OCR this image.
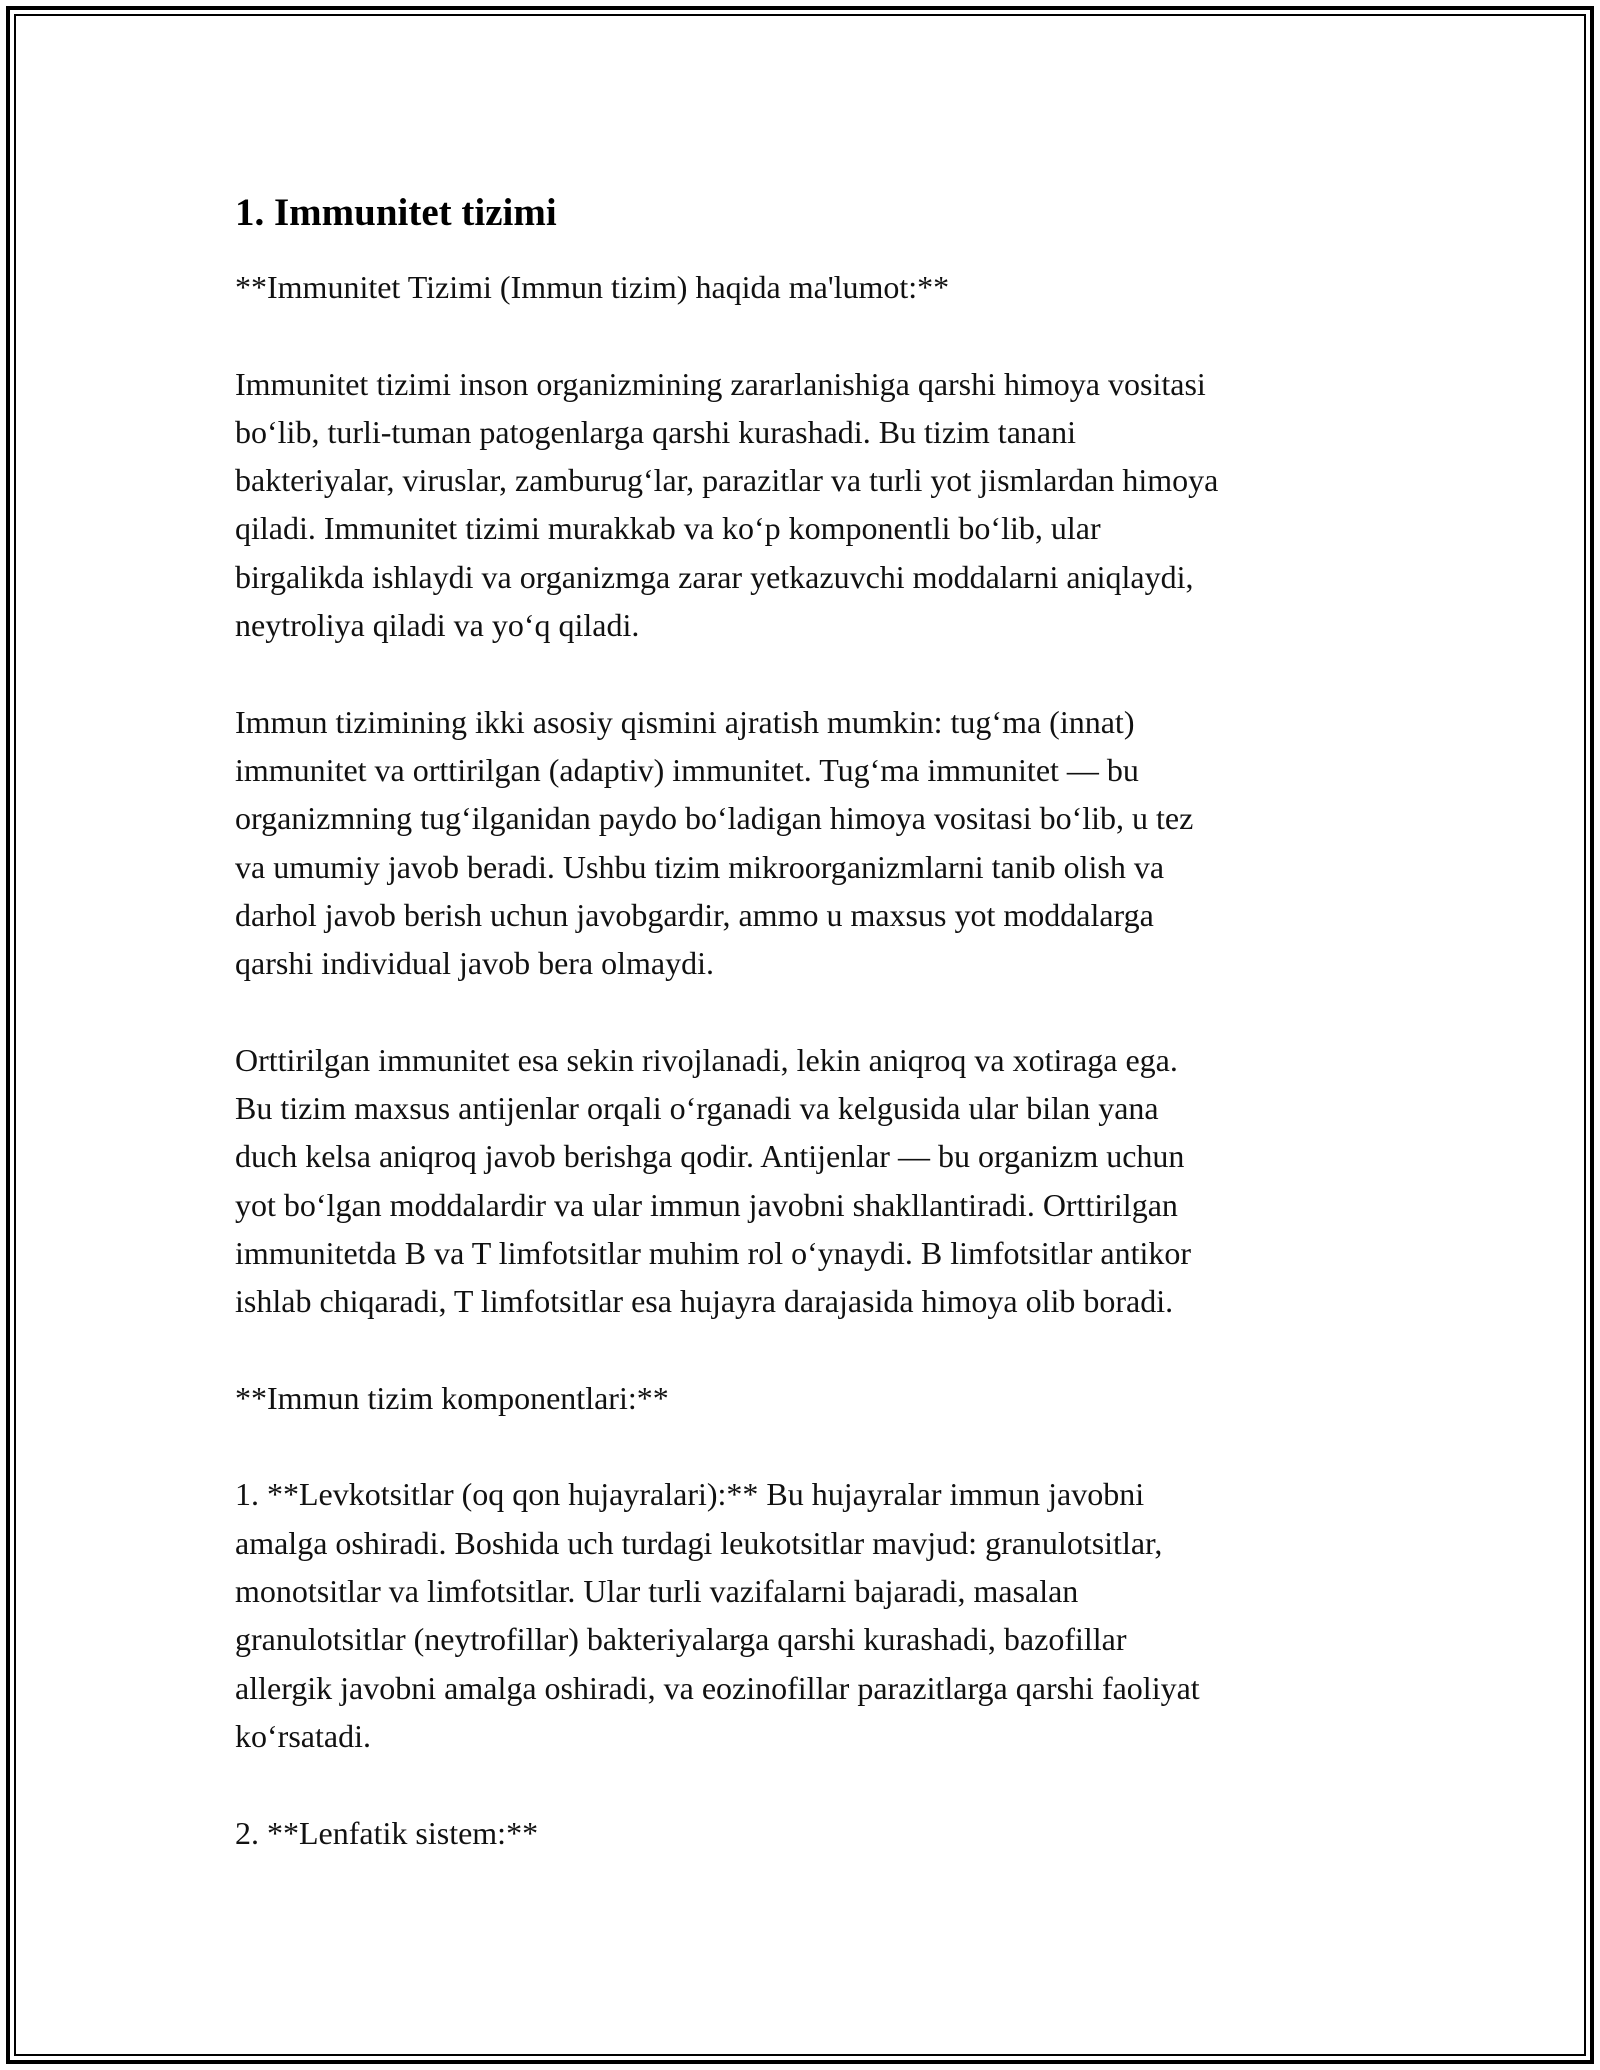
1. Immunitet tizimi

**Immunitet Tizimi (Immun tizim) haqida ma'lumot:**

Immunitet tizimi inson organizmining zararlanishiga qarshi himoya vositasi
bo‘lib, turli-tuman patogenlarga qarshi kurashadi. Bu tizim tanani
bakteriyalar, viruslar, zamburug‘lar, parazitlar va turli yot jismlardan himoya
qiladi. Immunitet tizimi murakkab va ko‘p komponentli bo‘lib, ular
birgalikda ishlaydi va organizmga zarar yetkazuvchi moddalarni aniqlaydi,
neytroliya qiladi va yo‘q qiladi.

Immun tizimining ikki asosiy qismini ajratish mumkin: tug‘ma (innat)
immunitet va orttirilgan (adaptiv) immunitet. Tug‘ma immunitet — bu
organizmning tug‘ilganidan paydo bo‘ladigan himoya vositasi bo‘lib, u tez
va umumiy javob beradi. Ushbu tizim mikroorganizmlarni tanib olish va
darhol javob berish uchun javobgardir, ammo u maxsus yot moddalarga
qarshi individual javob bera olmaydi.

Orttirilgan immunitet esa sekin rivojlanadi, lekin aniqroq va xotiraga ega.
Bu tizim maxsus antijenlar orqali o‘rganadi va kelgusida ular bilan yana
duch kelsa aniqroq javob berishga qodir. Antijenlar — bu organizm uchun
yot bo‘lgan moddalardir va ular immun javobni shakllantiradi. Orttirilgan
immunitetda B va T limfotsitlar muhim rol o‘ynaydi. B limfotsitlar antikor
ishlab chiqaradi, T limfotsitlar esa hujayra darajasida himoya olib boradi.

**Immun tizim komponentlari:**

1. **Levkotsitlar (oq qon hujayralari):** Bu hujayralar immun javobni
amalga oshiradi. Boshida uch turdagi leukotsitlar mavjud: granulotsitlar,
monotsitlar va limfotsitlar. Ular turli vazifalarni bajaradi, masalan
granulotsitlar (neytrofillar) bakteriyalarga qarshi kurashadi, bazofillar
allergik javobni amalga oshiradi, va eozinofillar parazitlarga qarshi faoliyat
ko‘rsatadi.

2. **Lenfatik sistem:**
